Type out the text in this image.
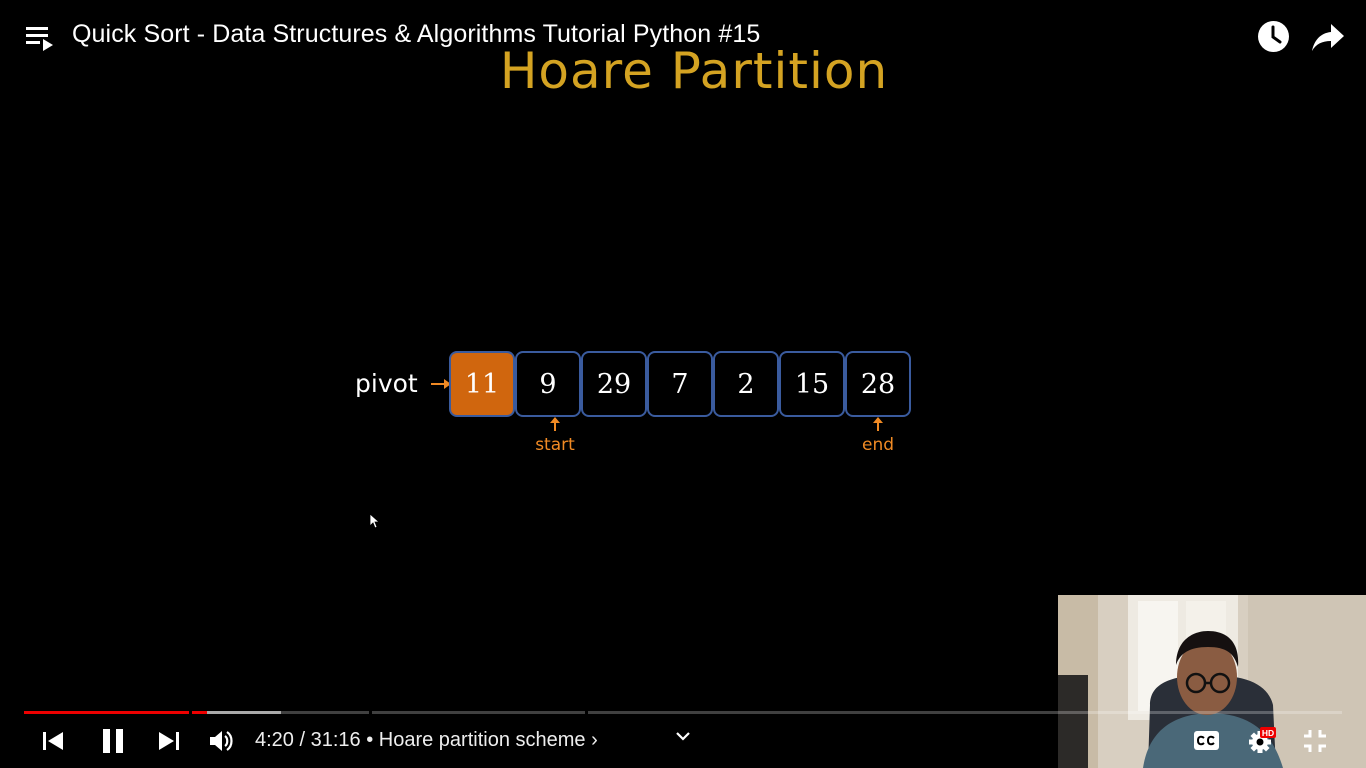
Quick Sort - Data Structures & Algorithms Tutorial Python #15
Hoare Partition
pivot	11	9	29	7	2	15	28
start	end
4:20 / 31:16 • Hoare partition scheme ›	HD
